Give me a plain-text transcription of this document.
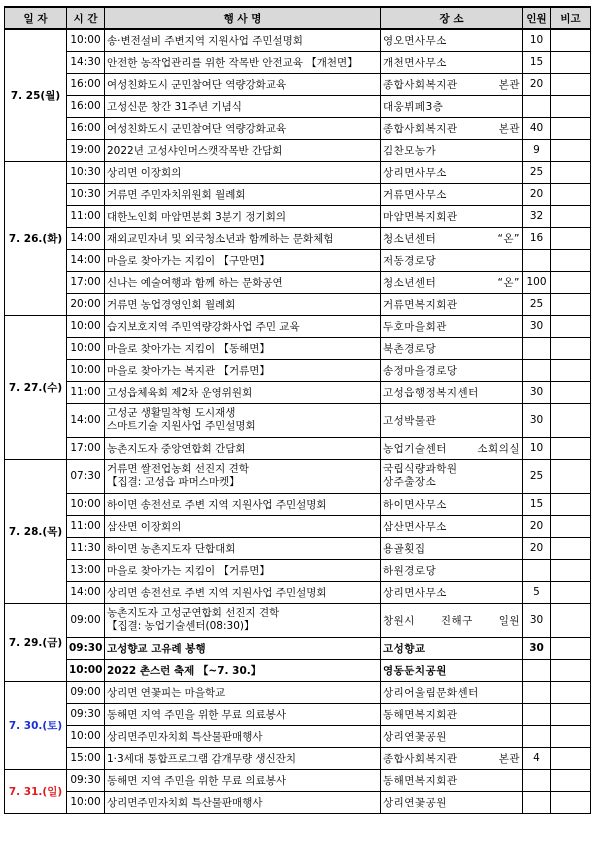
일 자	시 간	행 사 명	장 소	인원	비고
7. 25(월)	10:00	송·변전설비 주변지역 지원사업 주민설명회	영오면사무소	10	
	14:30	안전한 농작업관리를 위한 작목반 안전교육 【개천면】	개천면사무소	15	
	16:00	여성친화도시 군민참여단 역량강화교육	종합사회복지관 본관	20	
	16:00	고성신문 창간 31주년 기념식	대웅뷔페3층		
	16:00	여성친화도시 군민참여단 역량강화교육	종합사회복지관 본관	40	
	19:00	2022년 고성샤인머스캣작목반 간담회	김찬모농가	9	
7. 26.(화)	10:30	상리면 이장회의	상리면사무소	25	
	10:30	거류면 주민자치위원회 월례회	거류면사무소	20	
	11:00	대한노인회 마암면분회 3분기 정기회의	마암면복지회관	32	
	14:00	재외교민자녀 및 외국청소년과 함께하는 문화체험	청소년센터 “온”	16	
	14:00	마을로 찾아가는 지킴이 【구만면】	저동경로당		
	17:00	신나는 예술여행과 함께 하는 문화공연	청소년센터 “온”	100	
	20:00	거류면 농업경영인회 월례회	거류면복지회관	25	
7. 27.(수)	10:00	습지보호지역 주민역량강화사업 주민 교육	두호마을회관	30	
	10:00	마을로 찾아가는 지킴이 【동해면】	북촌경로당		
	10:00	마을로 찾아가는 복지관 【거류면】	송정마을경로당		
	11:00	고성읍체육회 제2차 운영위원회	고성읍행정복지센터	30	
	14:00	고성군 생활밀착형 도시재생
스마트기술 지원사업 주민설명회	고성박물관	30	
	17:00	농촌지도자 중앙연합회 간담회	농업기술센터 소회의실	10	
7. 28.(목)	07:30	거류면 쌀전업농회 선진지 견학
【집결: 고성읍 파머스마켓】	국립식량과학원
상주출장소	25	
	10:00	하이면 송전선로 주변 지역 지원사업 주민설명회	하이면사무소	15	
	11:00	삼산면 이장회의	삼산면사무소	20	
	11:30	하이면 농촌지도자 단합대회	용골횟집	20	
	13:00	마을로 찾아가는 지킴이 【거류면】	하원경로당		
	14:00	상리면 송전선로 주변 지역 지원사업 주민설명회	상리면사무소	5	
7. 29.(금)	09:00	농촌지도자 고성군연합회 선진지 견학
【집결: 농업기술센터(08:30)】	창원시 진해구 일원	30	
	09:30	고성향교 고유례 봉행	고성향교	30	
	10:00	2022 촌스런 축제 【~7. 30.】	영동둔치공원		
7. 30.(토)	09:00	상리면 연꽃피는 마을학교	상리어울림문화센터		
	09:30	동해면 지역 주민을 위한 무료 의료봉사	동해면복지회관		
	10:00	상리면주민자치회 특산물판매행사	상리연꽃공원		
	15:00	1·3세대 통합프로그램 감개무량 생신잔치	종합사회복지관 본관	4	
7. 31.(일)	09:30	동해면 지역 주민을 위한 무료 의료봉사	동해면복지회관		
	10:00	상리면주민자치회 특산물판매행사	상리연꽃공원		
